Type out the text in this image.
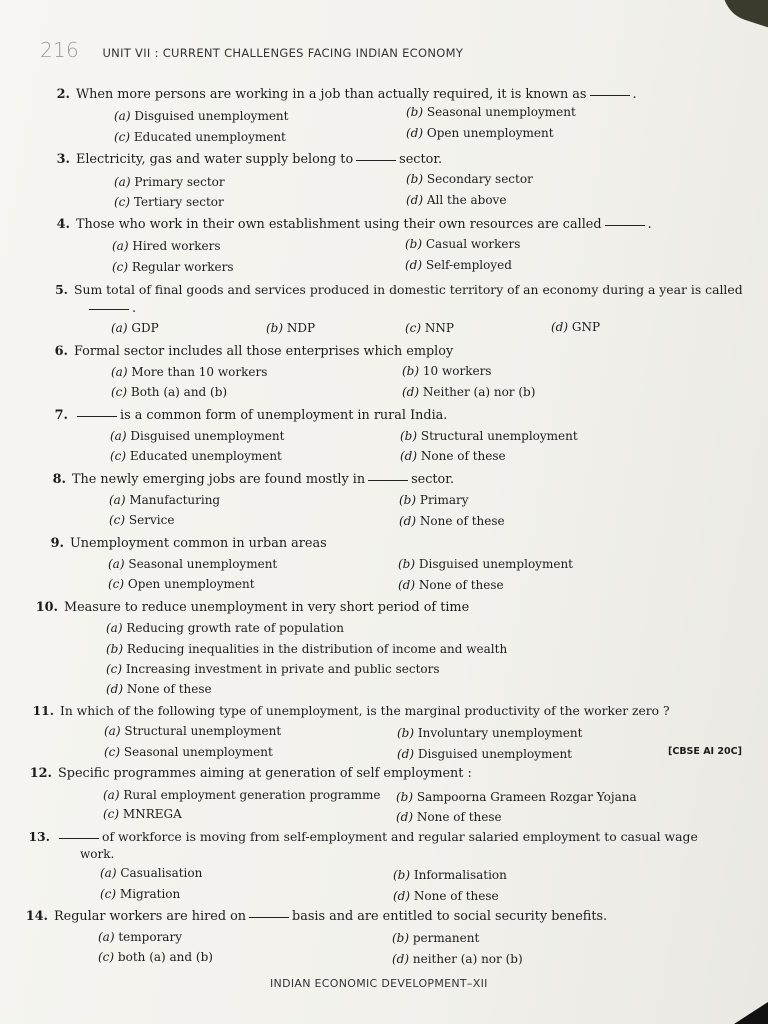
216 UNIT VII : CURRENT CHALLENGES FACING INDIAN ECONOMY
2. When more persons are working in a job than actually required, it is known as	.
(a) Disguised unemployment	(b) Seasonal unemployment
(c) Educated unemployment	(d) Open unemployment
3. Electricity, gas and water supply belong to	sector.
(a) Primary sector	(b) Secondary sector
(c) Tertiary sector	(d) All the above
4. Those who work in their own establishment using their own resources are called	.
(a) Hired workers	(b) Casual workers
(c) Regular workers	(d) Self-employed
5. Sum total of final goods and services produced in domestic territory of an economy during a year is called
.
(a) GDP	(b) NDP	(c) NNP	(d) GNP
6. Formal sector includes all those enterprises which employ
(a) More than 10 workers	(b) 10 workers
(c) Both (a) and (b)	(d) Neither (a) nor (b)
7.	is a common form of unemployment in rural India.
(a) Disguised unemployment	(b) Structural unemployment
(c) Educated unemployment	(d) None of these
8. The newly emerging jobs are found mostly in	sector.
(a) Manufacturing	(b) Primary
(c) Service	(d) None of these
9. Unemployment common in urban areas
(a) Seasonal unemployment	(b) Disguised unemployment
(c) Open unemployment	(d) None of these
10. Measure to reduce unemployment in very short period of time
(a) Reducing growth rate of population
(b) Reducing inequalities in the distribution of income and wealth
(c) Increasing investment in private and public sectors
(d) None of these
11. In which of the following type of unemployment, is the marginal productivity of the worker zero ?
(a) Structural unemployment	(b) Involuntary unemployment
(c) Seasonal unemployment	(d) Disguised unemployment	[CBSE AI 20C]
12. Specific programmes aiming at generation of self employment :
(a) Rural employment generation programme (b) Sampoorna Grameen Rozgar Yojana
(c) MNREGA	(d) None of these
13.	of workforce is moving from self-employment and regular salaried employment to casual wage
work.
(a) Casualisation	(b) Informalisation
(c) Migration	(d) None of these
14. Regular workers are hired on	basis and are entitled to social security benefits.
(a) temporary	(b) permanent
(c) both (a) and (b)	(d) neither (a) nor (b)
INDIAN ECONOMIC DEVELOPMENT–XII
